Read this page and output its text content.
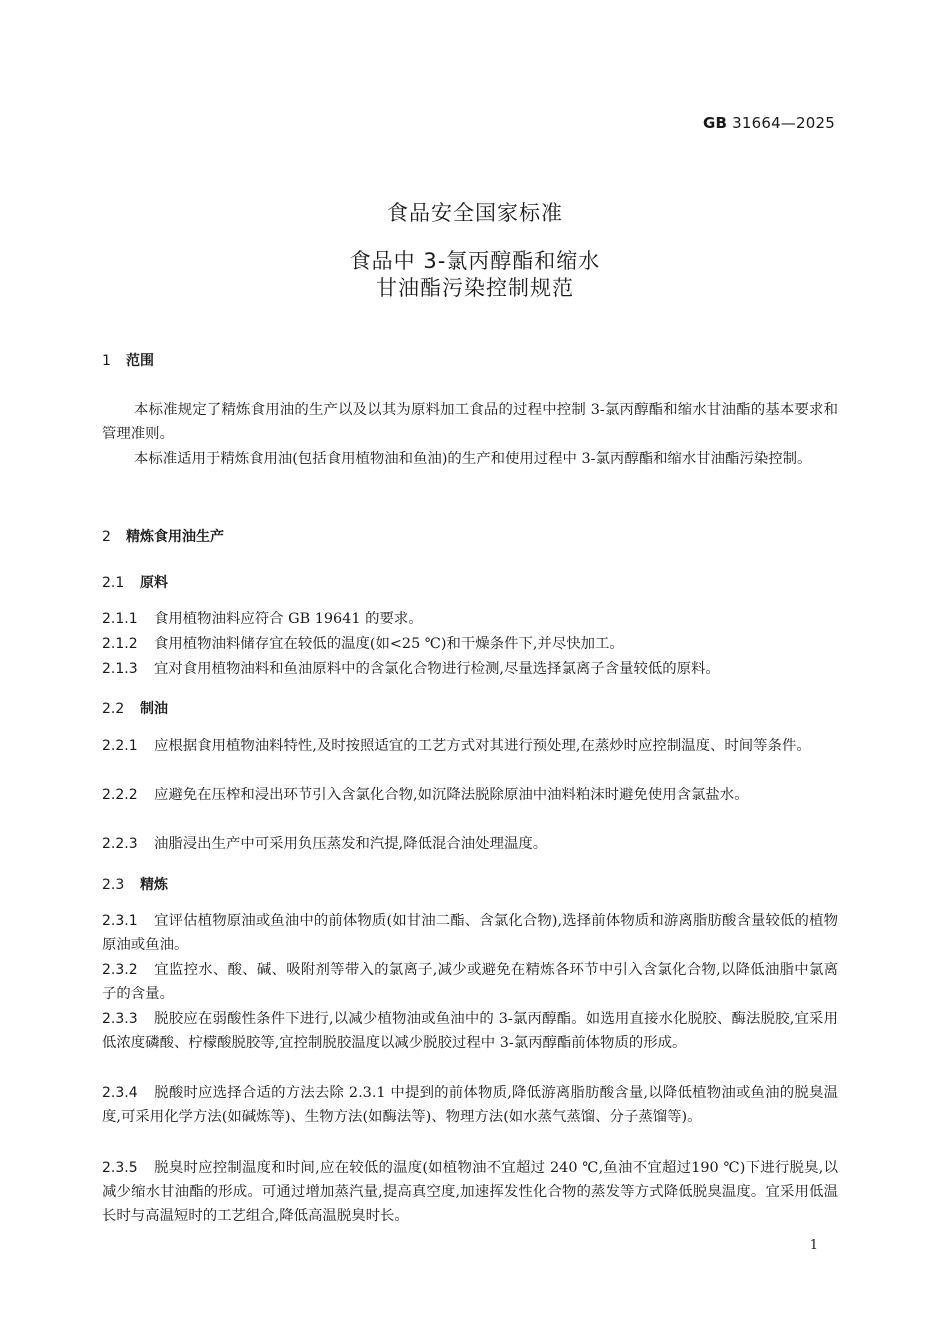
GB 31664—2025
食品安全国家标准
食品中 3-氯丙醇酯和缩水
甘油酯污染控制规范
1 范围
本标准规定了精炼食用油的生产以及以其为原料加工食品的过程中控制 3-氯丙醇酯和缩水甘油酯的基本要求和管理准则。
本标准适用于精炼食用油(包括食用植物油和鱼油)的生产和使用过程中 3-氯丙醇酯和缩水甘油酯污染控制。
2 精炼食用油生产
2.1 原料
2.1.1 食用植物油料应符合 GB 19641 的要求。
2.1.2 食用植物油料储存宜在较低的温度(如<25 ℃)和干燥条件下,并尽快加工。
2.1.3 宜对食用植物油料和鱼油原料中的含氯化合物进行检测,尽量选择氯离子含量较低的原料。
2.2 制油
2.2.1 应根据食用植物油料特性,及时按照适宜的工艺方式对其进行预处理,在蒸炒时应控制温度、时间等条件。
2.2.2 应避免在压榨和浸出环节引入含氯化合物,如沉降法脱除原油中油料粕沫时避免使用含氯盐水。
2.2.3 油脂浸出生产中可采用负压蒸发和汽提,降低混合油处理温度。
2.3 精炼
2.3.1 宜评估植物原油或鱼油中的前体物质(如甘油二酯、含氯化合物),选择前体物质和游离脂肪酸含量较低的植物原油或鱼油。
2.3.2 宜监控水、酸、碱、吸附剂等带入的氯离子,减少或避免在精炼各环节中引入含氯化合物,以降低油脂中氯离子的含量。
2.3.3 脱胶应在弱酸性条件下进行,以减少植物油或鱼油中的 3-氯丙醇酯。如选用直接水化脱胶、酶法脱胶,宜采用低浓度磷酸、柠檬酸脱胶等,宜控制脱胶温度以减少脱胶过程中 3-氯丙醇酯前体物质的形成。
2.3.4 脱酸时应选择合适的方法去除 2.3.1 中提到的前体物质,降低游离脂肪酸含量,以降低植物油或鱼油的脱臭温度,可采用化学方法(如碱炼等)、生物方法(如酶法等)、物理方法(如水蒸气蒸馏、分子蒸馏等)。
2.3.5 脱臭时应控制温度和时间,应在较低的温度(如植物油不宜超过 240 ℃,鱼油不宜超过190 ℃)下进行脱臭,以减少缩水甘油酯的形成。可通过增加蒸汽量,提高真空度,加速挥发性化合物的蒸发等方式降低脱臭温度。宜采用低温长时与高温短时的工艺组合,降低高温脱臭时长。
1
